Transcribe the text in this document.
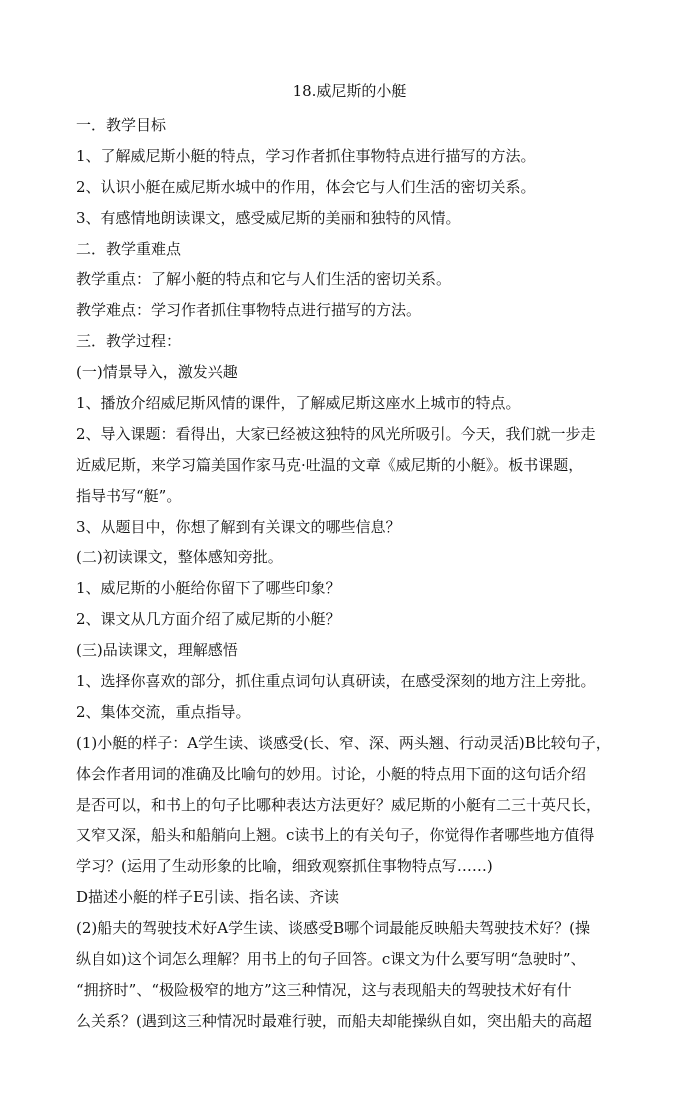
18.威尼斯的小艇
一．教学目标
1、了解威尼斯小艇的特点，学习作者抓住事物特点进行描写的方法。
2、认识小艇在威尼斯水城中的作用，体会它与人们生活的密切关系。
3、有感情地朗读课文，感受威尼斯的美丽和独特的风情。
二．教学重难点
教学重点：了解小艇的特点和它与人们生活的密切关系。
教学难点：学习作者抓住事物特点进行描写的方法。
三．教学过程：
(一)情景导入，激发兴趣
1、播放介绍威尼斯风情的课件，了解威尼斯这座水上城市的特点。
2、导入课题：看得出，大家已经被这独特的风光所吸引。今天，我们就一步走
近威尼斯，来学习篇美国作家马克·吐温的文章《威尼斯的小艇》。板书课题，
指导书写“艇”。
3、从题目中，你想了解到有关课文的哪些信息？
(二)初读课文，整体感知旁批。
1、威尼斯的小艇给你留下了哪些印象？
2、课文从几方面介绍了威尼斯的小艇？
(三)品读课文，理解感悟
1、选择你喜欢的部分，抓住重点词句认真研读，在感受深刻的地方注上旁批。
2、集体交流，重点指导。
(1)小艇的样子：A学生读、谈感受(长、窄、深、两头翘、行动灵活)B比较句子，
体会作者用词的准确及比喻句的妙用。讨论，小艇的特点用下面的这句话介绍
是否可以，和书上的句子比哪种表达方法更好？威尼斯的小艇有二三十英尺长，
又窄又深，船头和船艄向上翘。c读书上的有关句子，你觉得作者哪些地方值得
学习？(运用了生动形象的比喻，细致观察抓住事物特点写……)
D描述小艇的样子E引读、指名读、齐读
(2)船夫的驾驶技术好A学生读、谈感受B哪个词最能反映船夫驾驶技术好？(操
纵自如)这个词怎么理解？用书上的句子回答。c课文为什么要写明“急驶时”、
“拥挤时”、“极险极窄的地方”这三种情况，这与表现船夫的驾驶技术好有什
么关系？(遇到这三种情况时最难行驶，而船夫却能操纵自如，突出船夫的高超
